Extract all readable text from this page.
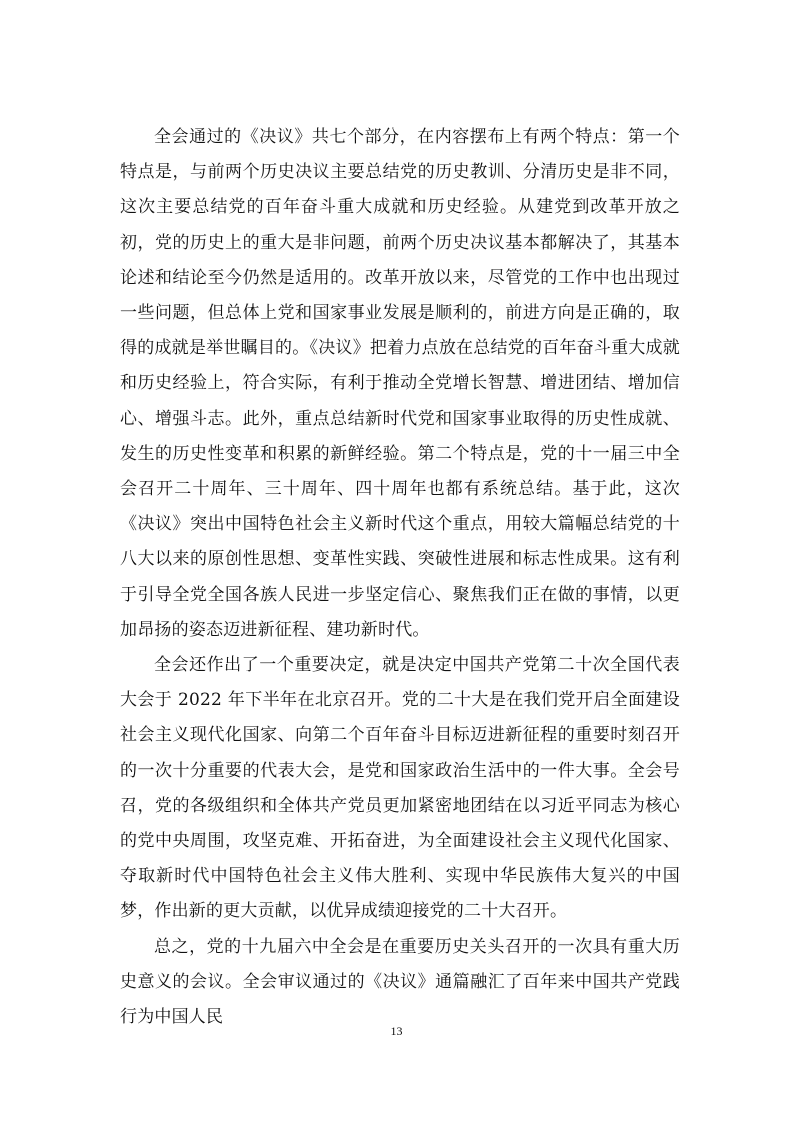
全会通过的《决议》共七个部分，在内容摆布上有两个特点：第一个特点是，与前两个历史决议主要总结党的历史教训、分清历史是非不同，这次主要总结党的百年奋斗重大成就和历史经验。从建党到改革开放之初，党的历史上的重大是非问题，前两个历史决议基本都解决了，其基本论述和结论至今仍然是适用的。改革开放以来，尽管党的工作中也出现过一些问题，但总体上党和国家事业发展是顺利的，前进方向是正确的，取得的成就是举世瞩目的。《决议》把着力点放在总结党的百年奋斗重大成就和历史经验上，符合实际，有利于推动全党增长智慧、增进团结、增加信心、增强斗志。此外，重点总结新时代党和国家事业取得的历史性成就、发生的历史性变革和积累的新鲜经验。第二个特点是，党的十一届三中全会召开二十周年、三十周年、四十周年也都有系统总结。基于此，这次《决议》突出中国特色社会主义新时代这个重点，用较大篇幅总结党的十八大以来的原创性思想、变革性实践、突破性进展和标志性成果。这有利于引导全党全国各族人民进一步坚定信心、聚焦我们正在做的事情，以更加昂扬的姿态迈进新征程、建功新时代。

全会还作出了一个重要决定，就是决定中国共产党第二十次全国代表大会于 2022 年下半年在北京召开。党的二十大是在我们党开启全面建设社会主义现代化国家、向第二个百年奋斗目标迈进新征程的重要时刻召开的一次十分重要的代表大会，是党和国家政治生活中的一件大事。全会号召，党的各级组织和全体共产党员更加紧密地团结在以习近平同志为核心的党中央周围，攻坚克难、开拓奋进，为全面建设社会主义现代化国家、夺取新时代中国特色社会主义伟大胜利、实现中华民族伟大复兴的中国梦，作出新的更大贡献，以优异成绩迎接党的二十大召开。

总之，党的十九届六中全会是在重要历史关头召开的一次具有重大历史意义的会议。全会审议通过的《决议》通篇融汇了百年来中国共产党践行为中国人民

13
